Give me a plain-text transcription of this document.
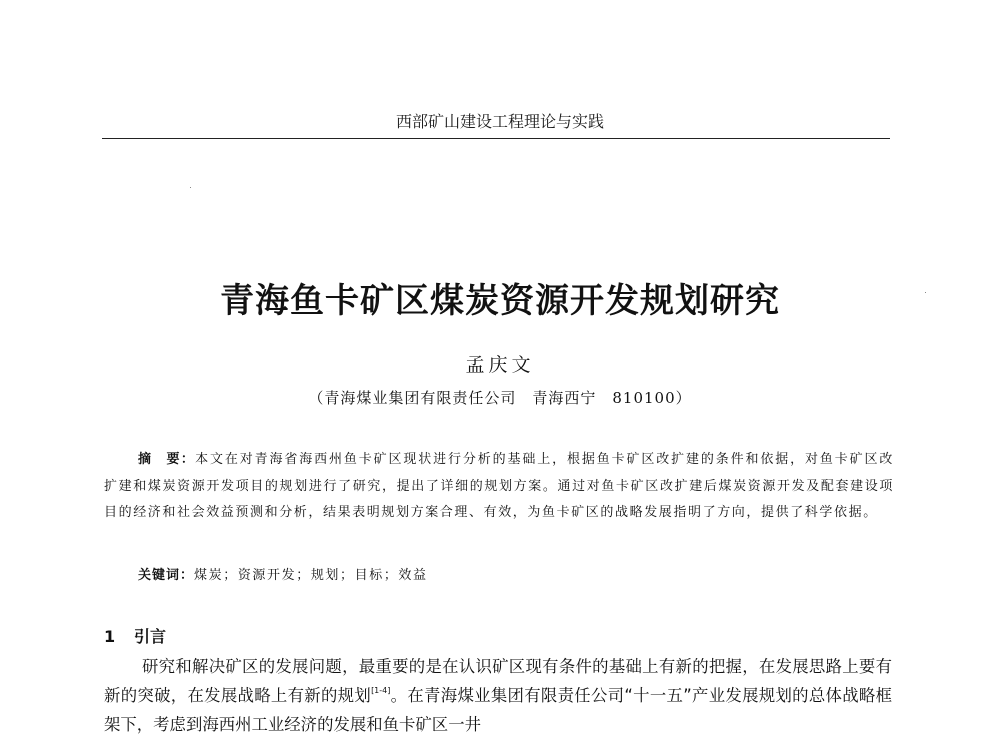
西部矿山建设工程理论与实践
青海鱼卡矿区煤炭资源开发规划研究
孟庆文
（青海煤业集团有限责任公司　青海西宁　810100）
摘　要：本文在对青海省海西州鱼卡矿区现状进行分析的基础上，根据鱼卡矿区改扩建的条件和依据，对鱼卡矿区改扩建和煤炭资源开发项目的规划进行了研究，提出了详细的规划方案。通过对鱼卡矿区改扩建后煤炭资源开发及配套建设项目的经济和社会效益预测和分析，结果表明规划方案合理、有效，为鱼卡矿区的战略发展指明了方向，提供了科学依据。
关键词：煤炭；资源开发；规划；目标；效益
1 引言
研究和解决矿区的发展问题，最重要的是在认识矿区现有条件的基础上有新的把握，在发展思路上要有新的突破，在发展战略上有新的规划[1-4]。在青海煤业集团有限责任公司“十一五”产业发展规划的总体战略框架下，考虑到海西州工业经济的发展和鱼卡矿区一井
